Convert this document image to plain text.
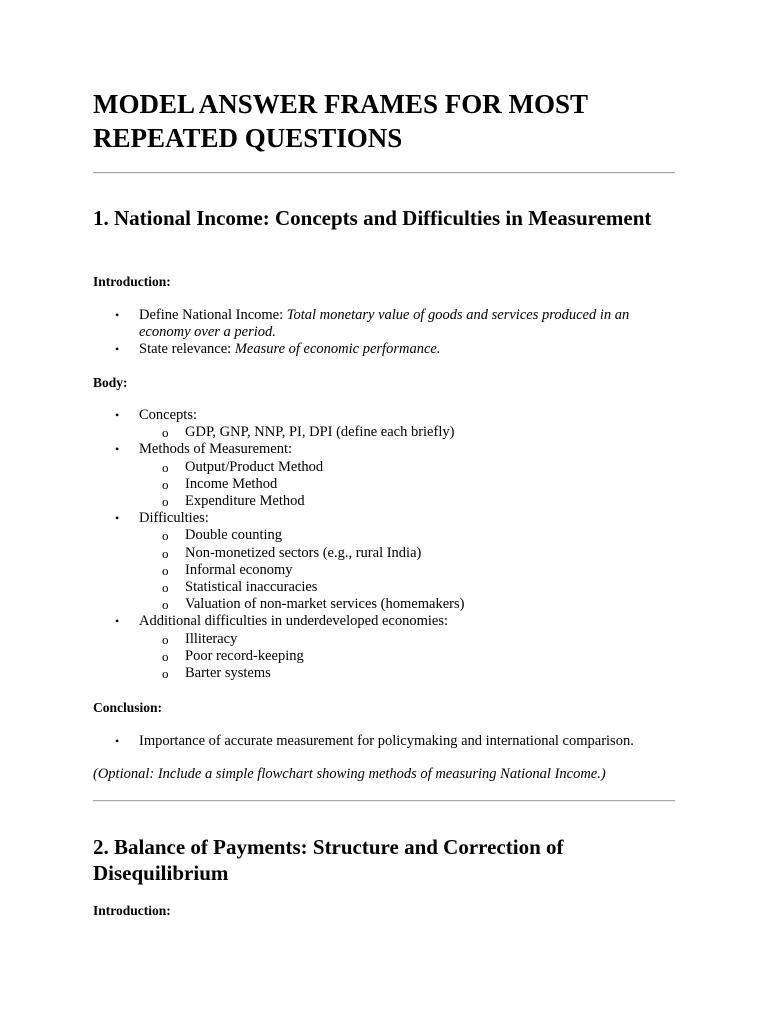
MODEL ANSWER FRAMES FOR MOST REPEATED QUESTIONS
1. National Income: Concepts and Difficulties in Measurement

Introduction:

• Define National Income: Total monetary value of goods and services produced in an economy over a period.
• State relevance: Measure of economic performance.

Body:

• Concepts:
o GDP, GNP, NNP, PI, DPI (define each briefly)
• Methods of Measurement:
o Output/Product Method
o Income Method
o Expenditure Method
• Difficulties:
o Double counting
o Non-monetized sectors (e.g., rural India)
o Informal economy
o Statistical inaccuracies
o Valuation of non-market services (homemakers)
• Additional difficulties in underdeveloped economies:
o Illiteracy
o Poor record-keeping
o Barter systems

Conclusion:

• Importance of accurate measurement for policymaking and international comparison.

(Optional: Include a simple flowchart showing methods of measuring National Income.)

2. Balance of Payments: Structure and Correction of Disequilibrium

Introduction:
